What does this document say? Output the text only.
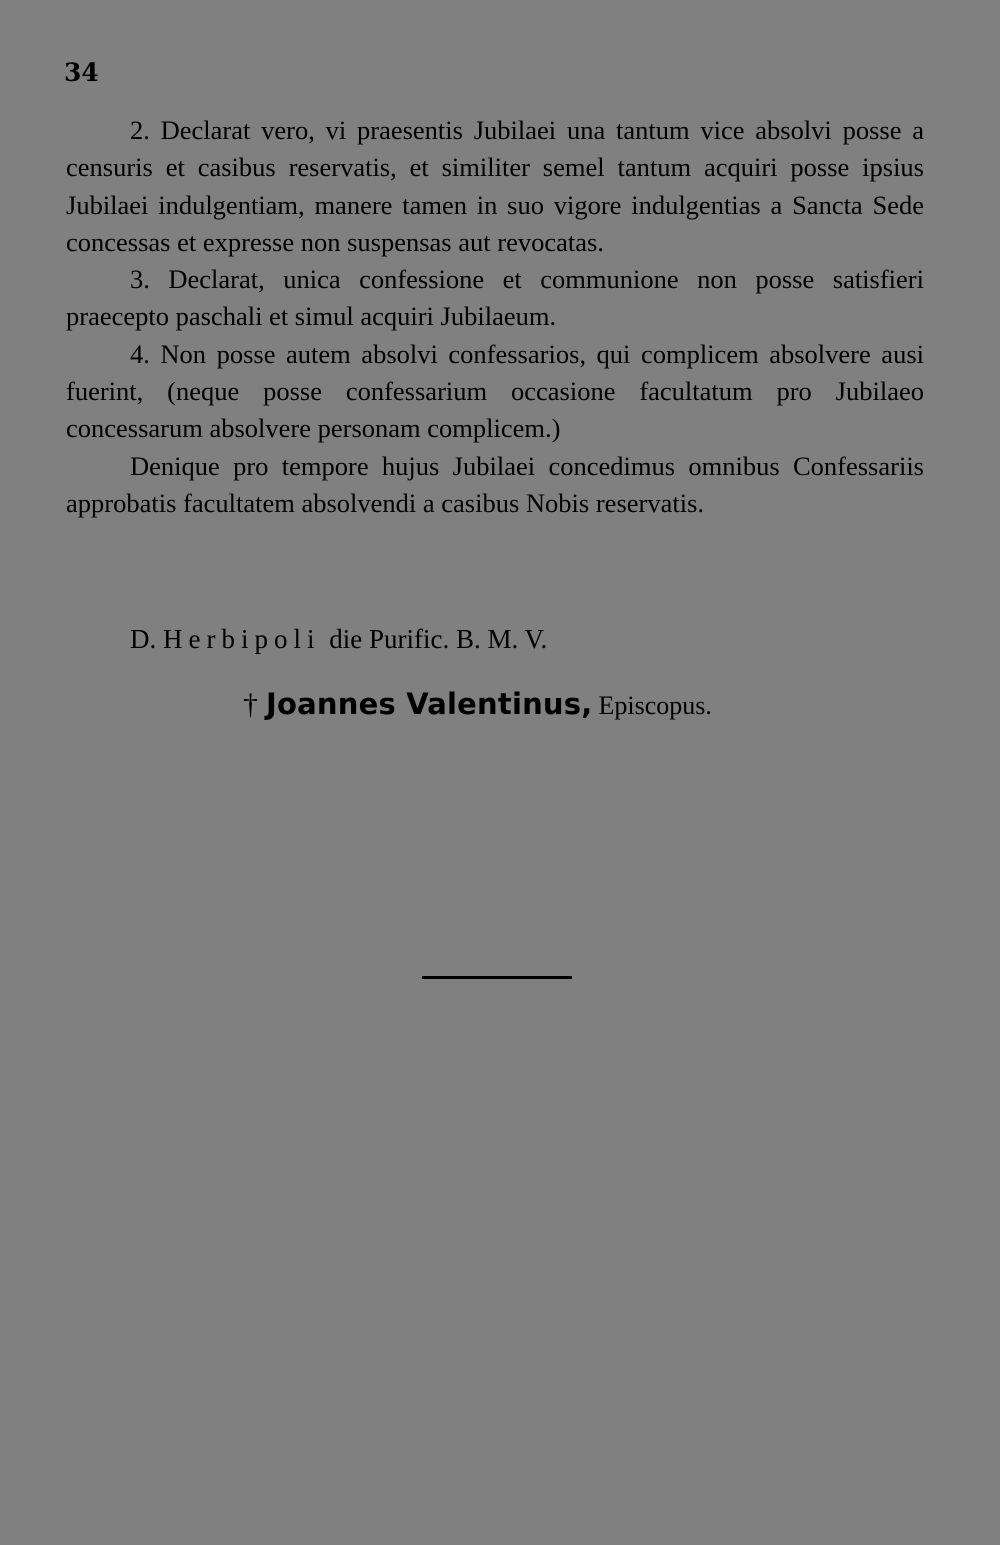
34

2. Declarat vero, vi praesentis Jubilaei una tantum vice absolvi posse a censuris et casibus reservatis, et similiter semel tantum acquiri posse ipsius Jubilaei indulgentiam, manere tamen in suo vigore indulgentias a Sancta Sede concessas et expresse non suspensas aut revocatas.

3. Declarat, unica confessione et communione non posse satisfieri praecepto paschali et simul acquiri Jubilaeum.

4. Non posse autem absolvi confessarios, qui complicem absolvere ausi fuerint, (neque posse confessarium occasione facultatum pro Jubilaeo concessarum absolvere personam complicem.)

Denique pro tempore hujus Jubilaei concedimus omnibus Confessariis approbatis facultatem absolvendi a casibus Nobis reservatis.

D. Herbipoli die Purific. B. M. V.
† Joannes Valentinus, Episcopus.
